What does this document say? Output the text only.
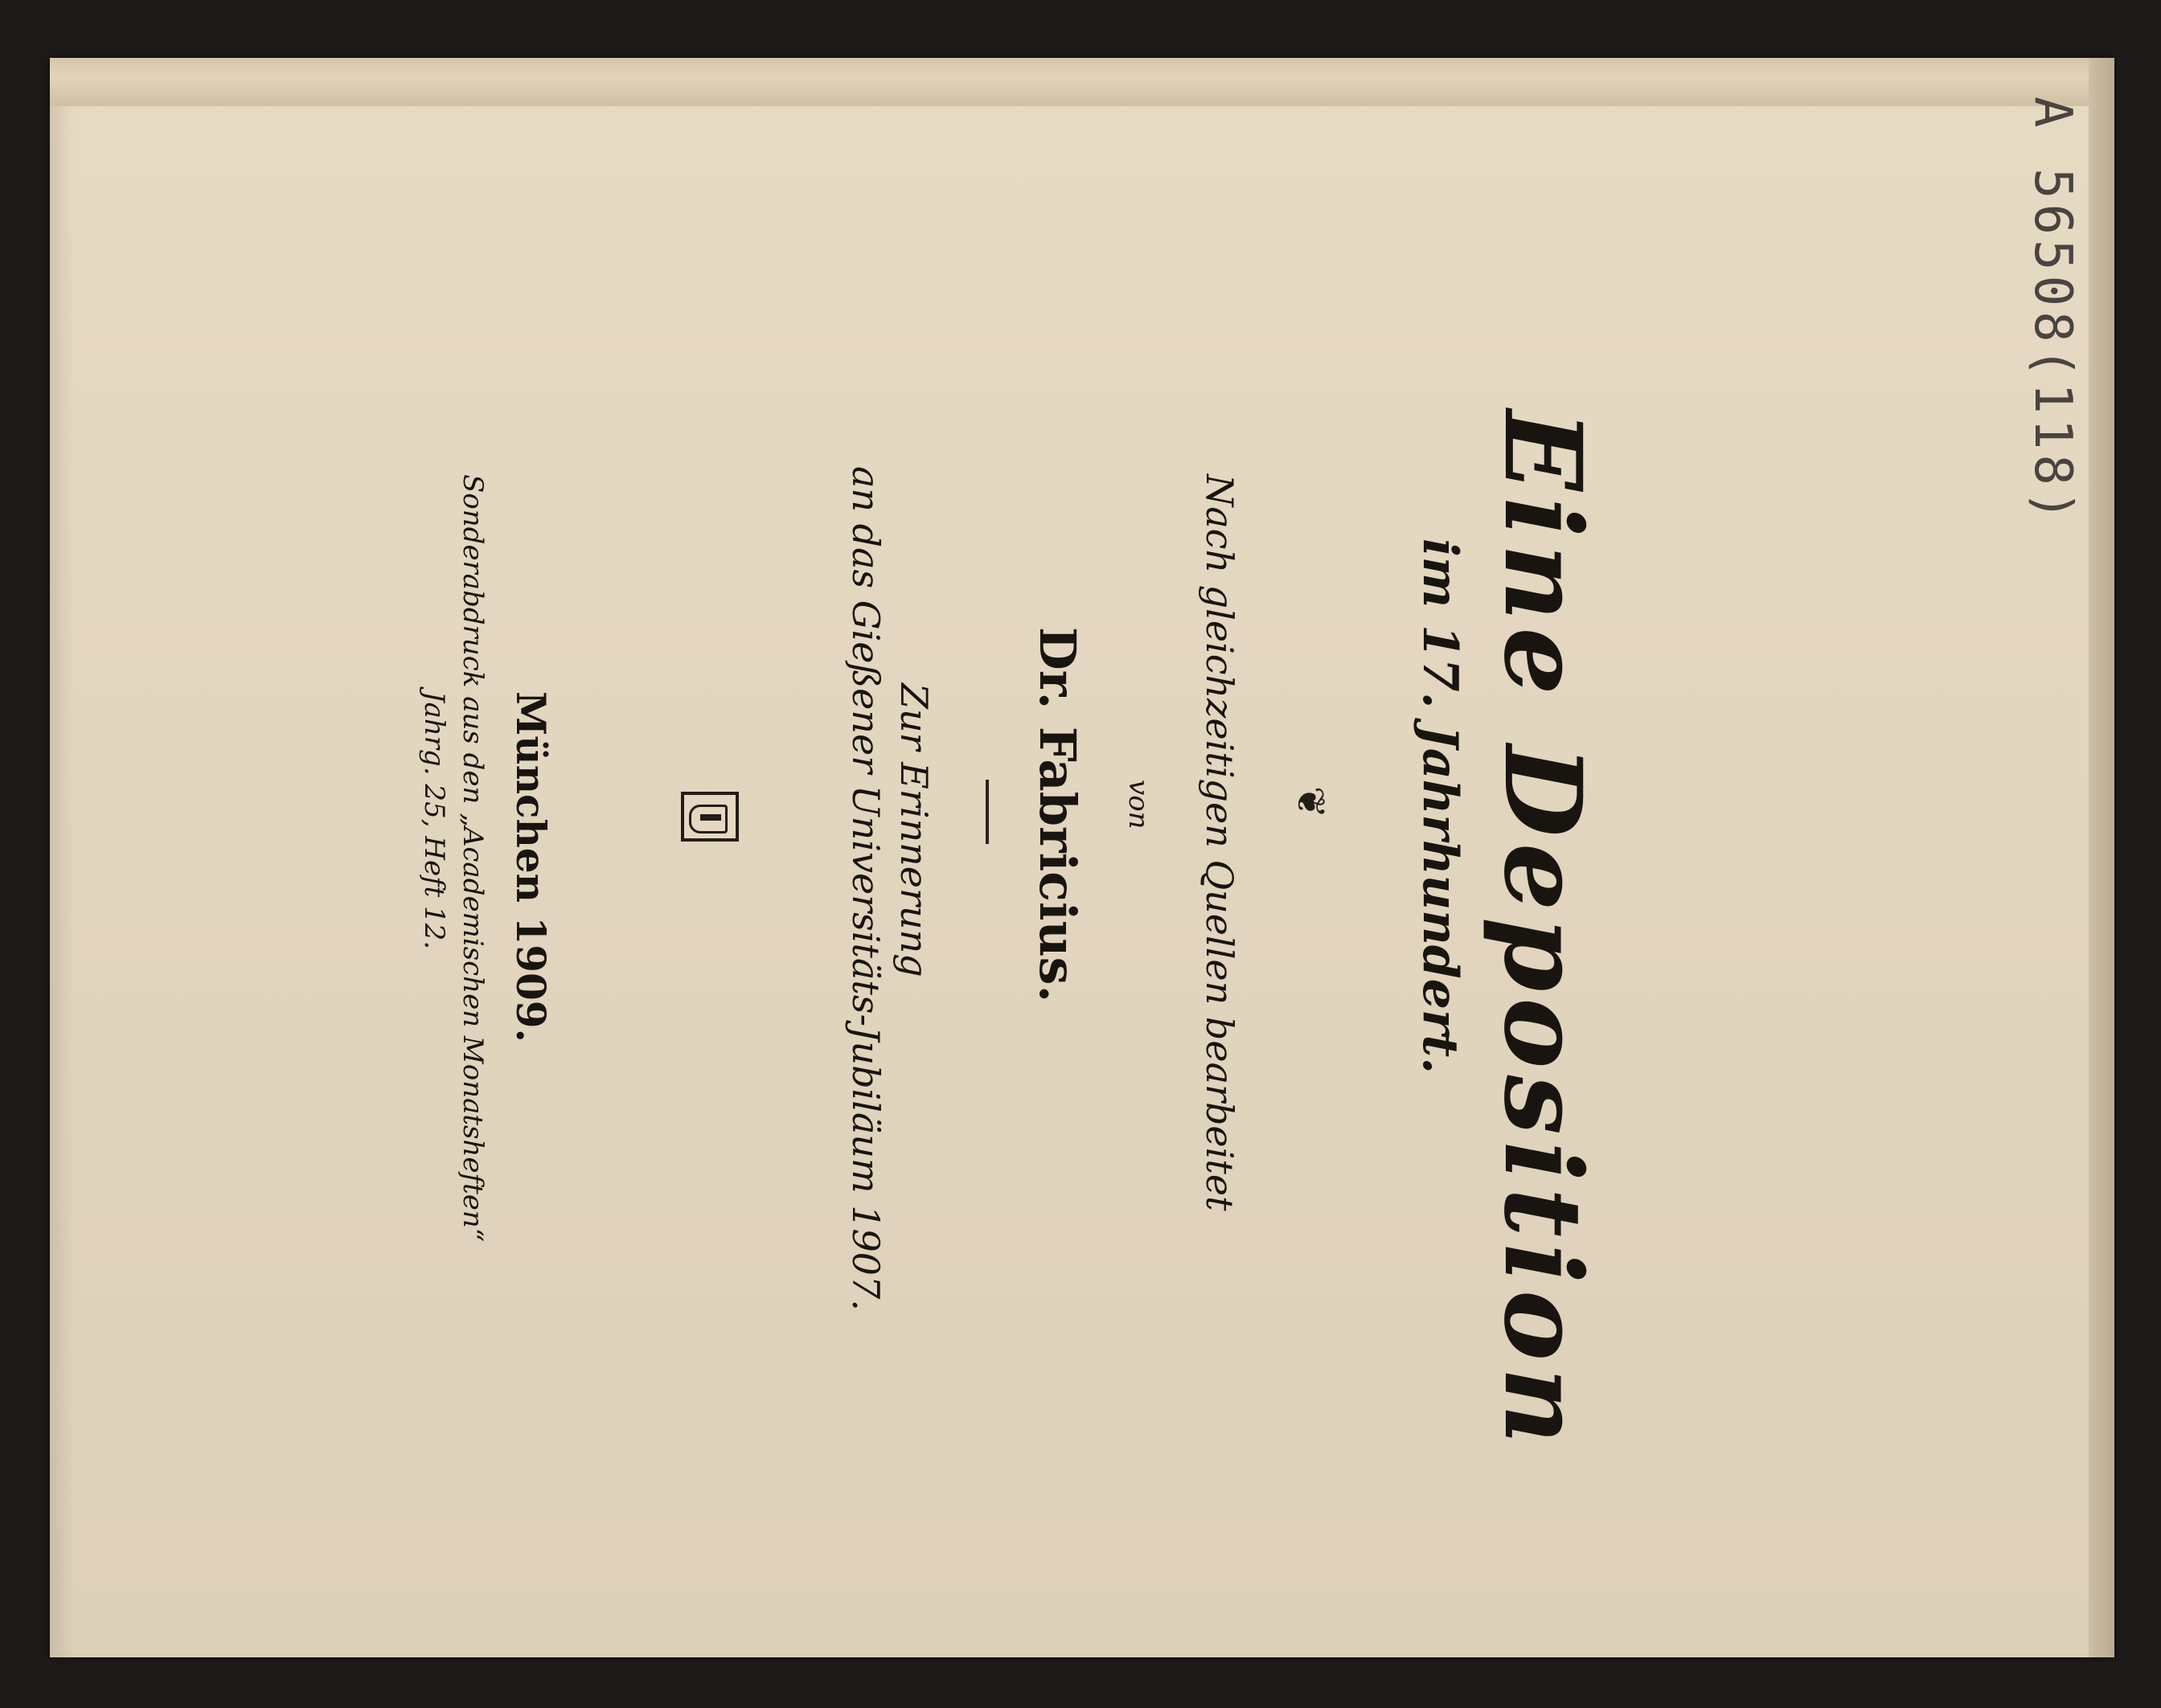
Eine Deposition
im 17. Jahrhundert.
❦
Nach gleichzeitigen Quellen bearbeitet
von
Dr. Fabricius.
Zur Erinnerung
an das Gießener Universitäts-Jubiläum 1907.
München 1909.
Sonderabdruck aus den „Academischen Monatsheften“
Jahrg. 25, Heft 12.
A 56508(118)
